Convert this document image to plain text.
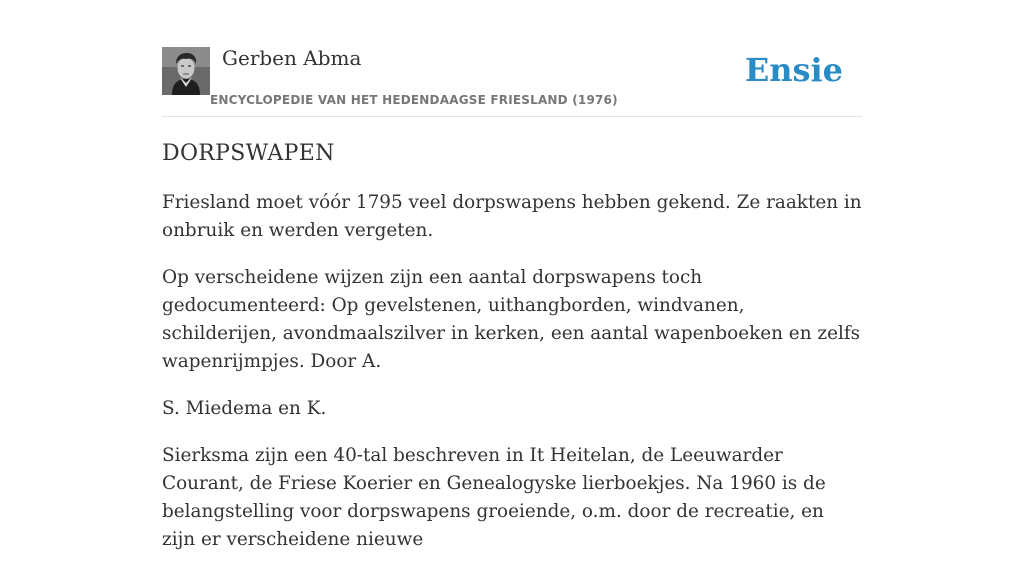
Gerben Abma
ENCYCLOPEDIE VAN HET HEDENDAAGSE FRIESLAND (1976)
Ensie
DORPSWAPEN

Friesland moet vóór 1795 veel dorpswapens hebben gekend. Ze raakten in onbruik en werden vergeten.

Op verscheidene wijzen zijn een aantal dorpswapens toch gedocumenteerd: Op gevelstenen, uithangborden, windvanen, schilderijen, avondmaalszilver in kerken, een aantal wapenboeken en zelfs wapenrijmpjes. Door A.

S. Miedema en K.

Sierksma zijn een 40-tal beschreven in It Heitelan, de Leeuwarder Courant, de Friese Koerier en Genealogyske lierboekjes. Na 1960 is de belangstelling voor dorpswapens groeiende, o.m. door de recreatie, en zijn er verscheidene nieuwe
